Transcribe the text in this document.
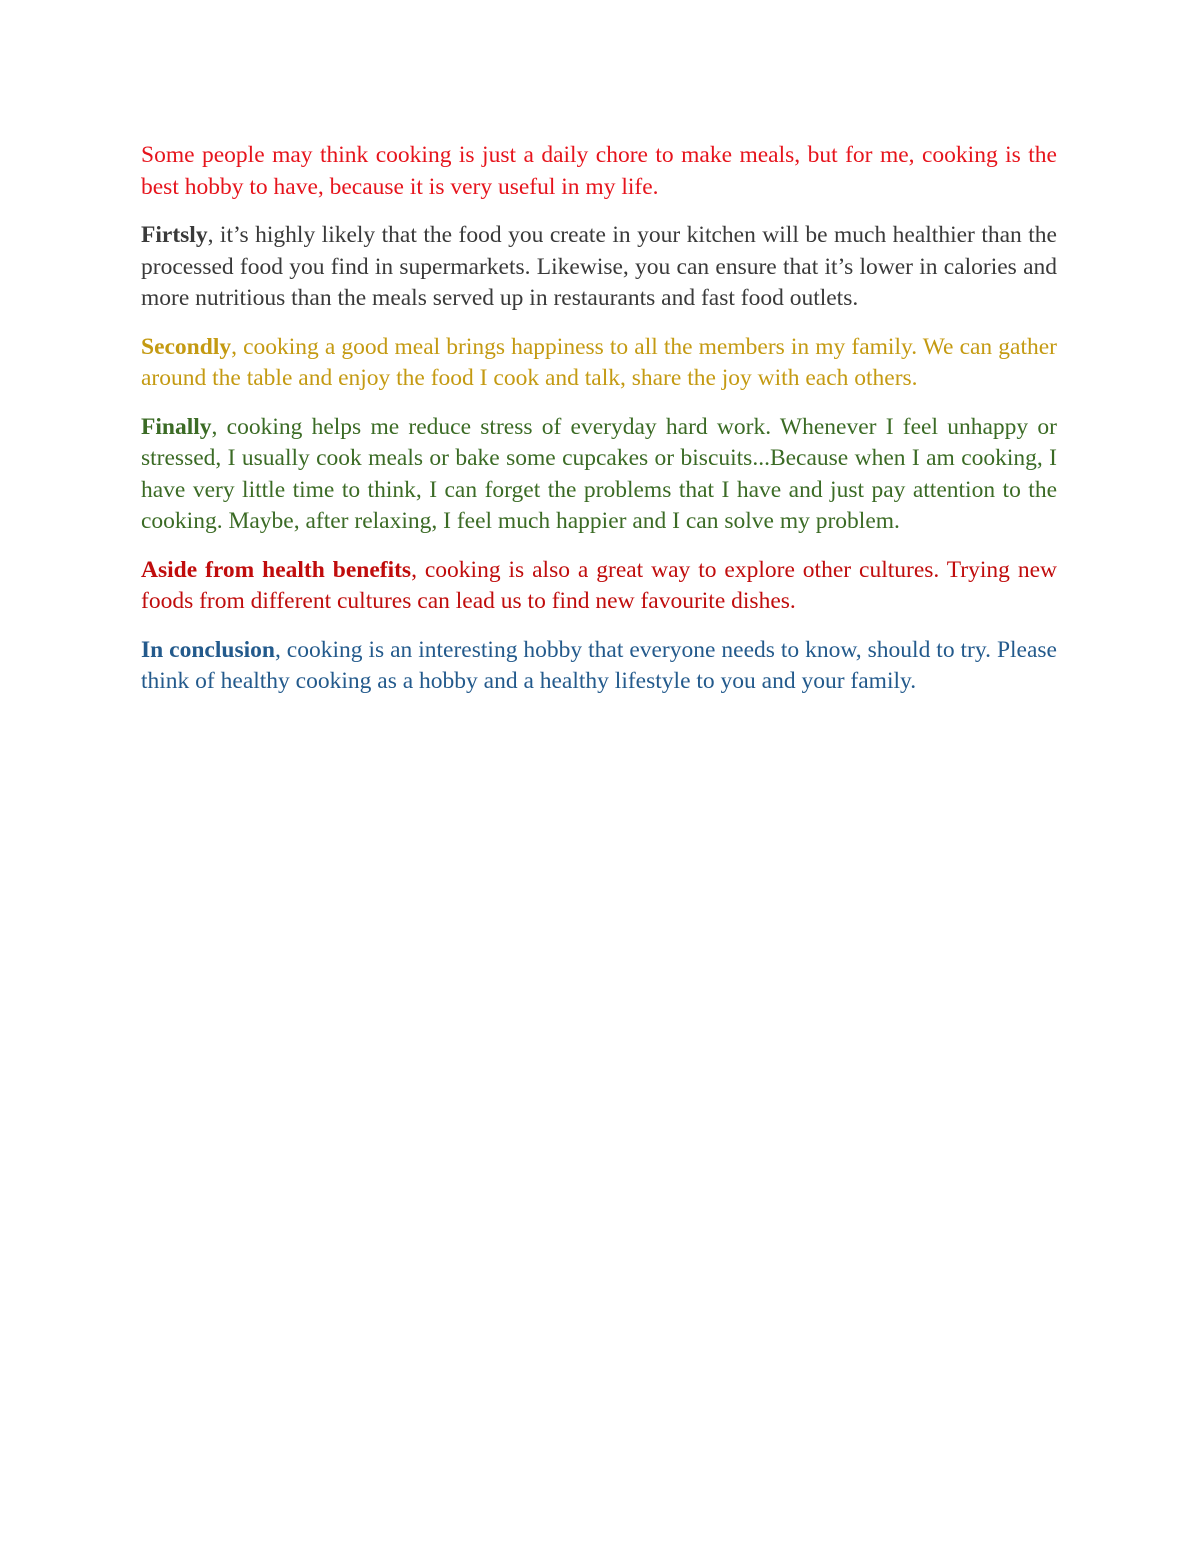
Some people may think cooking is just a daily chore to make meals, but for me, cooking is the best hobby to have, because it is very useful in my life.

Firtsly, it’s highly likely that the food you create in your kitchen will be much healthier than the processed food you find in supermarkets. Likewise, you can ensure that it’s lower in calories and more nutritious than the meals served up in restaurants and fast food outlets.

Secondly, cooking a good meal brings happiness to all the members in my family. We can gather around the table and enjoy the food I cook and talk, share the joy with each others.

Finally, cooking helps me reduce stress of everyday hard work. Whenever I feel unhappy or stressed, I usually cook meals or bake some cupcakes or biscuits...Because when I am cooking, I have very little time to think, I can forget the problems that I have and just pay attention to the cooking. Maybe, after relaxing, I feel much happier and I can solve my problem.

Aside from health benefits, cooking is also a great way to explore other cultures. Trying new foods from different cultures can lead us to find new favourite dishes.

In conclusion, cooking is an interesting hobby that everyone needs to know, should to try. Please think of healthy cooking as a hobby and a healthy lifestyle to you and your family.
